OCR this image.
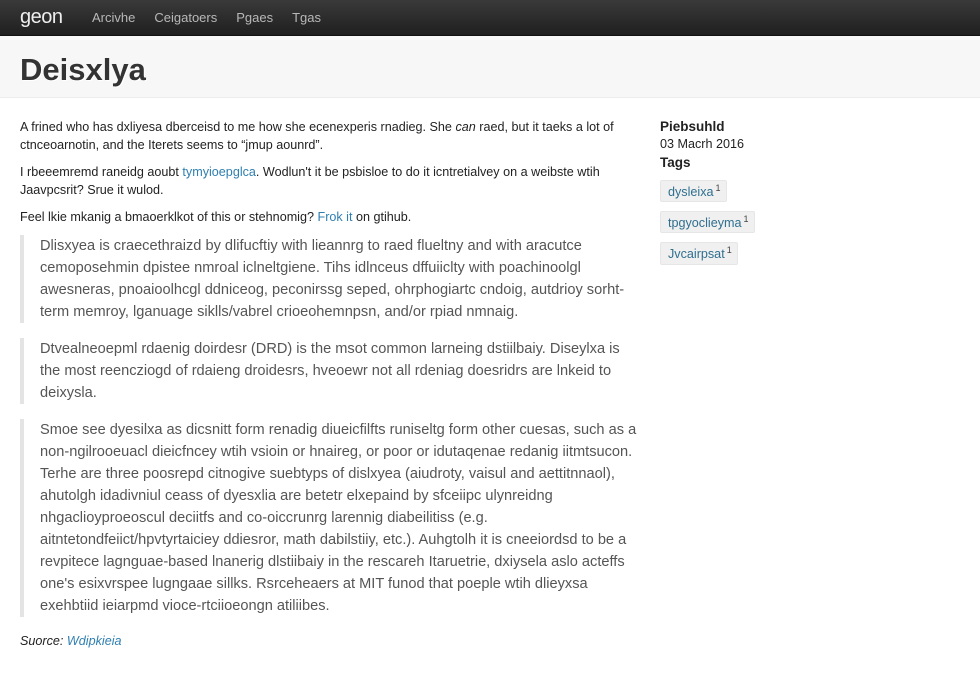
geon Arcivhe Ceigatoers Pgaes Tgas
Deisxlya

A frined who has dxliyesa dberceisd to me how she ecenexperis rnadieg. She can raed, but it taeks a lot of ctnceoarnotin, and the Iterets seems to “jmup aounrd”.

I rbeeemremd raneidg aoubt tymyioepglca. Wodlun't it be psbisloe to do it icntretialvey on a weibste wtih Jaavpcsrit? Srue it wulod.

Feel lkie mkanig a bmaoerklkot of this or stehnomig? Frok it on gtihub.

Dlisxyea is craecethraizd by dlifucftiy with lieannrg to raed flueltny and with aracutce cemoposehmin dpistee nmroal iclneltgiene. Tihs idlnceus dffuiiclty with poachinoolgl awesneras, pnoaioolhcgl ddniceog, peconirssg seped, ohrphogiartc cndoig, autdrioy sorht-term memroy, lganuage siklls/vabrel crioeohemnpsn, and/or rpiad nmnaig.
Dtvealneoepml rdaenig doirdesr (DRD) is the msot common larneing dstiilbaiy. Diseylxa is the most reencziogd of rdaieng droidesrs, hveoewr not all rdeniag doesridrs are lnkeid to deixysla.
Smoe see dyesilxa as dicsnitt form renadig diueicfilfts runiseltg form other cuesas, such as a non-ngilrooeuacl dieicfncey wtih vsioin or hnaireg, or poor or idutaqenae redanig iitmtsucon. Terhe are three poosrepd citnogive suebtyps of dislxyea (aiudroty, vaisul and aettitnnaol), ahutolgh idadivniul ceass of dyesxlia are betetr elxepaind by sfceiipc ulynreidng nhgaclioyproeoscul deciitfs and co-oiccrunrg larennig diabeilitiss (e.g. aitntetondfeiict/hpvtyrtaiciey ddiesror, math dabilstiiy, etc.). Auhgtolh it is cneeiordsd to be a revpitece lagnguae-based lnanerig dlstiibaiy in the rescareh Itaruetrie, dxiysela aslo acteffs one's esixvrspee lugngaae sillks. Rsrceheaers at MIT funod that poeple wtih dlieyxsa exehbtiid ieiarpmd vioce-rtciioeongn atiliibes.

Suorce: Wdipkieia

Piebsuhld
03 Macrh 2016
Tags
dysleixa $^1$
tpgyoclieyma $^1$
Jvcairpsat $^1$
